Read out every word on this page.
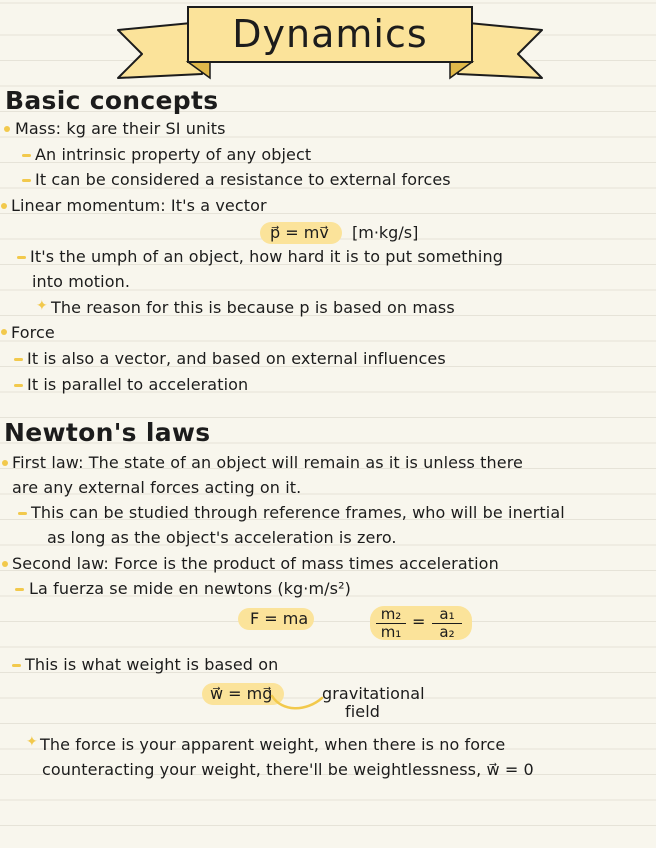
Dynamics
Basic concepts
Mass: kg are their SI units
An intrinsic property of any object
It can be considered a resistance to external forces
Linear momentum: It's a vector
p⃗ = mv⃗ [m·kg/s]
It's the umph of an object, how hard it is to put something
into motion.
✦ The reason for this is because p is based on mass
Force
It is also a vector, and based on external influences
It is parallel to acceleration
Newton's laws
First law: The state of an object will remain as it is unless there
are any external forces acting on it.
This can be studied through reference frames, who will be inertial
as long as the object's acceleration is zero.
Second law: Force is the product of mass times acceleration
La fuerza se mide en newtons (kg·m/s²)
F = ma	$\frac{\text{m₂}}{\text{m₁}} = \frac{\text{a₁}}{\text{a₂}}$
This is what weight is based on
w⃗ = mg⃗	gravitational
field
✦ The force is your apparent weight, when there is no force
counteracting your weight, there'll be weightlessness, w⃗ = 0
